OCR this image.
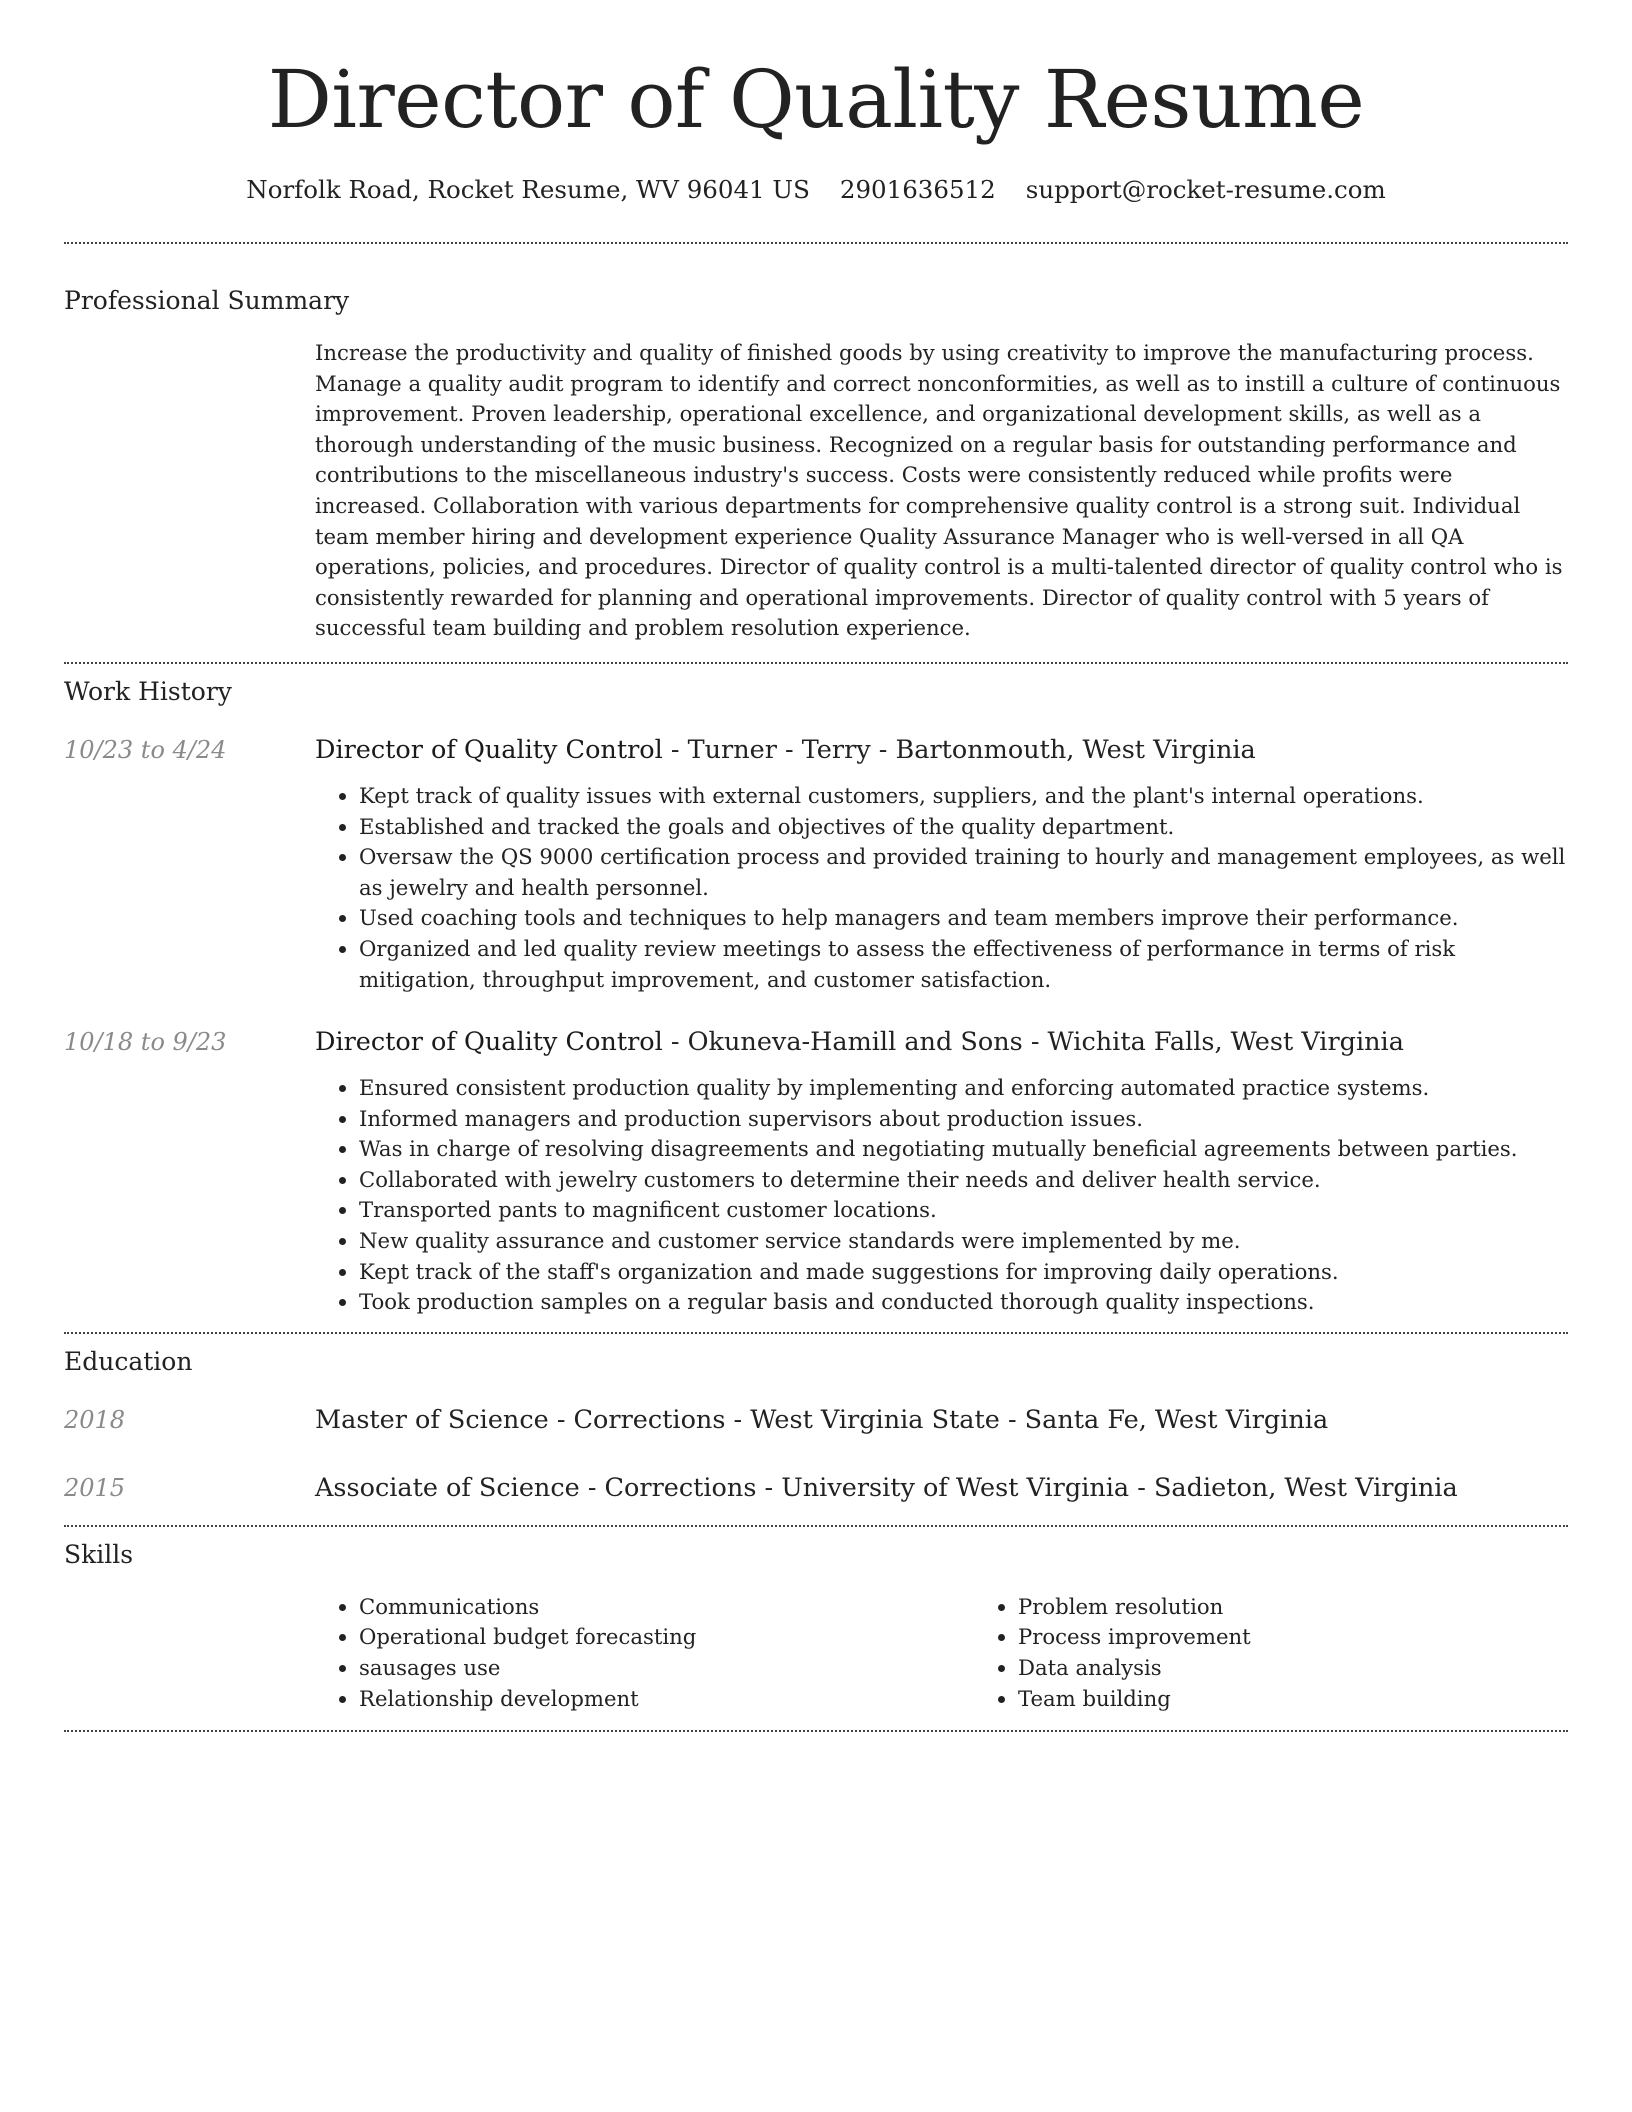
Director of Quality Resume
Norfolk Road, Rocket Resume, WV 96041 US 2901636512 support@rocket-resume.com
Professional Summary

Increase the productivity and quality of finished goods by using creativity to improve the manufacturing process. Manage a quality audit program to identify and correct nonconformities, as well as to instill a culture of continuous improvement. Proven leadership, operational excellence, and organizational development skills, as well as a thorough understanding of the music business. Recognized on a regular basis for outstanding performance and contributions to the miscellaneous industry's success. Costs were consistently reduced while profits were increased. Collaboration with various departments for comprehensive quality control is a strong suit. Individual team member hiring and development experience Quality Assurance Manager who is well-versed in all QA operations, policies, and procedures. Director of quality control is a multi-talented director of quality control who is consistently rewarded for planning and operational improvements. Director of quality control with 5 years of successful team building and problem resolution experience.

Work History
10/23 to 4/24	Director of Quality Control - Turner - Terry - Bartonmouth, West Virginia
• Kept track of quality issues with external customers, suppliers, and the plant's internal operations.
• Established and tracked the goals and objectives of the quality department.
• Oversaw the QS 9000 certification process and provided training to hourly and management employees, as well as jewelry and health personnel.
• Used coaching tools and techniques to help managers and team members improve their performance.
• Organized and led quality review meetings to assess the effectiveness of performance in terms of risk mitigation, throughput improvement, and customer satisfaction.
10/18 to 9/23	Director of Quality Control - Okuneva-Hamill and Sons - Wichita Falls, West Virginia
• Ensured consistent production quality by implementing and enforcing automated practice systems.
• Informed managers and production supervisors about production issues.
• Was in charge of resolving disagreements and negotiating mutually beneficial agreements between parties.
• Collaborated with jewelry customers to determine their needs and deliver health service.
• Transported pants to magnificent customer locations.
• New quality assurance and customer service standards were implemented by me.
• Kept track of the staff's organization and made suggestions for improving daily operations.
• Took production samples on a regular basis and conducted thorough quality inspections.
Education
2018	Master of Science - Corrections - West Virginia State - Santa Fe, West Virginia
2015	Associate of Science - Corrections - University of West Virginia - Sadieton, West Virginia
Skills
• Communications
• Operational budget forecasting
• sausages use
• Relationship development
• Problem resolution
• Process improvement
• Data analysis
• Team building
